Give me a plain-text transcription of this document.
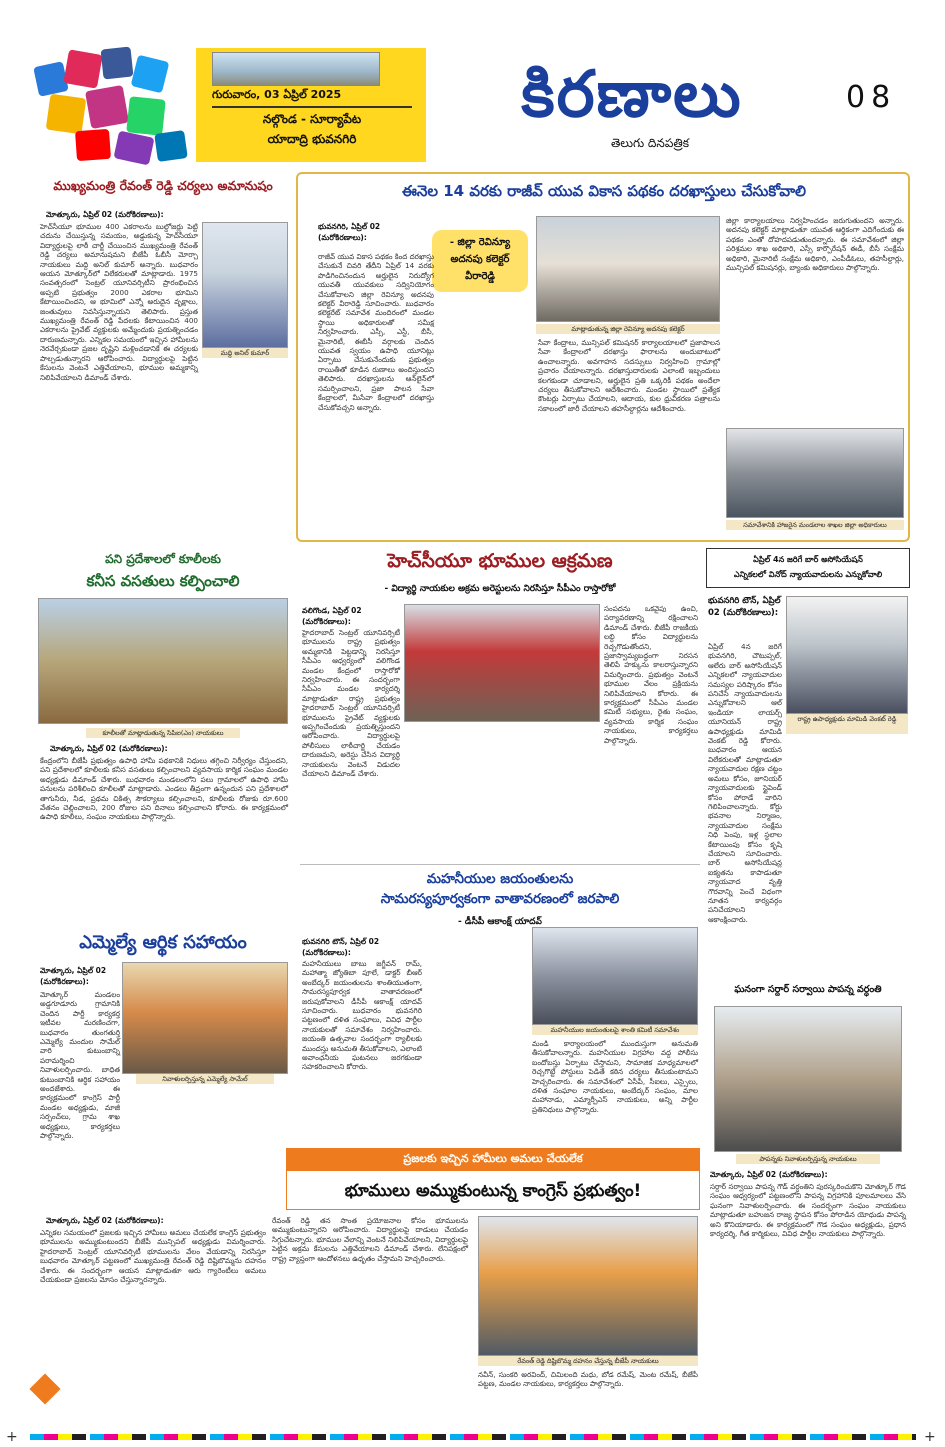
గురువారం, 03 ఏప్రిల్ 2025
నల్గొండ - సూర్యాపేట
యాదాద్రి భువనగిరి
కిరణాలు
తెలుగు దినపత్రిక
08
ముఖ్యమంత్రి రేవంత్ రెడ్డి చర్యలు అమానుషం
మోత్కూరు, ఏప్రిల్ 02 (మరోకిరణాలు):
మద్ది అనిల్ కుమార్
హెచ్‌సీయూ భూముల 400 ఎకరాలను బుల్డోజర్లు పెట్టి చదును చేయిస్తున్న సమయం, అడ్డుకున్న హెచ్‌సీయూ విద్యార్థులపై లాఠీ చార్జీ చేయించిన ముఖ్యమంత్రి రేవంత్ రెడ్డి చర్యలు అమానుషమని బీజేపీ ఓబీసీ మోర్చా నాయకులు మద్ది అనిల్ కుమార్ అన్నారు. బుధవారం ఆయన మోత్కూర్‌లో విలేకరులతో మాట్లాడారు. 1975 సంవత్సరంలో సెంట్రల్ యూనివర్సిటీని ప్రారంభించిన అప్పటి ప్రభుత్వం 2000 ఎకరాల భూమిని కేటాయించిందని, ఆ భూమిలో ఎన్నో అరుదైన వృక్షాలు, జంతువులు నివసిస్తున్నాయని తెలిపారు. ప్రస్తుత ముఖ్యమంత్రి రేవంత్ రెడ్డి పేదలకు కేటాయించిన 400 ఎకరాలను ప్రైవేట్ వ్యక్తులకు అమ్మేందుకు ప్రయత్నించడం దారుణమన్నారు. ఎన్నికల సమయంలో ఇచ్చిన హామీలను నెరవేర్చకుండా ప్రజల దృష్టిని మళ్లించడానికే ఈ చర్యలకు పాల్పడుతున్నారని ఆరోపించారు. విద్యార్థులపై పెట్టిన కేసులను వెంటనే ఎత్తివేయాలని, భూముల అమ్మకాన్ని నిలిపివేయాలని డిమాండ్ చేశారు.
పని ప్రదేశాలలో కూలీలకు
కనీస వసతులు కల్పించాలి
కూలీలతో మాట్లాడుతున్న సిపిఐ(ఎం) నాయకులు
మోత్కూరు, ఏప్రిల్ 02 (మరోకిరణాలు):
కేంద్రంలోని బీజేపీ ప్రభుత్వం ఉపాధి హామీ పథకానికి నిధులు తగ్గించి నిర్వీర్యం చేస్తుందని, పని ప్రదేశాలలో కూలీలకు కనీస వసతులు కల్పించాలని వ్యవసాయ కార్మిక సంఘం మండల అధ్యక్షుడు డిమాండ్ చేశారు. బుధవారం మండలంలోని పలు గ్రామాలలో ఉపాధి హామీ పనులను పరిశీలించి కూలీలతో మాట్లాడారు. ఎండలు తీవ్రంగా ఉన్నందున పని ప్రదేశాలలో తాగునీరు, నీడ, ప్రథమ చికిత్స సౌకర్యాలు కల్పించాలని, కూలీలకు రోజుకు రూ.600 వేతనం చెల్లించాలని, 200 రోజుల పని దినాలు కల్పించాలని కోరారు. ఈ కార్యక్రమంలో ఉపాధి కూలీలు, సంఘం నాయకులు పాల్గొన్నారు.
ఎమ్మెల్యే ఆర్థిక సహాయం
మోత్కూరు, ఏప్రిల్ 02 (మరోకిరణాలు):
నివాళులర్పిస్తున్న ఎమ్మెల్యే సామేల్
మోత్కూర్ మండలం అడ్డగూడూరు గ్రామానికి చెందిన పార్టీ కార్యకర్త ఇటీవల మరణించగా, బుధవారం తుంగతుర్తి ఎమ్మెల్యే మందుల సామేల్ వారి కుటుంబాన్ని పరామర్శించి నివాళులర్పించారు. బాధిత కుటుంబానికి ఆర్థిక సహాయం అందజేశారు. ఈ కార్యక్రమంలో కాంగ్రెస్ పార్టీ మండల అధ్యక్షుడు, మాజీ సర్పంచ్‌లు, గ్రామ శాఖ అధ్యక్షులు, కార్యకర్తలు పాల్గొన్నారు.
ఈనెల 14 వరకు రాజీవ్ యువ వికాస పథకం దరఖాస్తులు చేసుకోవాలి
భువనగిరి, ఏప్రిల్ 02 (మరోకిరణాలు):	- జిల్లా రెవిన్యూ
అదనపు కలెక్టర్
వీరారెడ్డి
మాట్లాడుతున్న జిల్లా రెవిన్యూ అదనపు కలెక్టర్
రాజీవ్ యువ వికాస పథకం కింద దరఖాస్తు చేసుకునే చివరి తేదీని ఏప్రిల్ 14 వరకు పొడిగించినందున అర్హులైన నిరుద్యోగ యువతీ యువకులు సద్వినియోగం చేసుకోవాలని జిల్లా రెవిన్యూ అదనపు కలెక్టర్ వీరారెడ్డి సూచించారు. బుధవారం కలెక్టరేట్ సమావేశ మందిరంలో మండల స్థాయి అధికారులతో సమీక్ష నిర్వహించారు. ఎస్సీ, ఎస్టీ, బీసీ, మైనారిటీ, ఈబీసీ వర్గాలకు చెందిన యువత స్వయం ఉపాధి యూనిట్లు ఏర్పాటు చేసుకునేందుకు ప్రభుత్వం రాయితీతో కూడిన రుణాలు అందిస్తుందని తెలిపారు. దరఖాస్తులను ఆన్‌లైన్‌లో సమర్పించాలని, ప్రజా పాలన సేవా కేంద్రాలలో, మీసేవా కేంద్రాలలో దరఖాస్తు చేసుకోవచ్చని అన్నారు.
సేవా కేంద్రాలు, మున్సిపల్ కమిషనర్ కార్యాలయాలలో ప్రజాపాలన సేవా కేంద్రాలలో దరఖాస్తు ఫారాలను అందుబాటులో ఉంచాలన్నారు. అవగాహన సదస్సులు నిర్వహించి గ్రామాల్లో ప్రచారం చేయాలన్నారు. దరఖాస్తుదారులకు ఎలాంటి ఇబ్బందులు కలగకుండా చూడాలని, అర్హులైన ప్రతి ఒక్కరికీ పథకం అందేలా చర్యలు తీసుకోవాలని ఆదేశించారు. మండల స్థాయిలో ప్రత్యేక కౌంటర్లు ఏర్పాటు చేయాలని, ఆదాయ, కుల ధ్రువీకరణ పత్రాలను సకాలంలో జారీ చేయాలని తహసీల్దార్లను ఆదేశించారు.
జిల్లా కార్యాలయాలు నిర్వహించడం జరుగుతుందని అన్నారు. అదనపు కలెక్టర్ మాట్లాడుతూ యువత ఆర్థికంగా ఎదిగేందుకు ఈ పథకం ఎంతో దోహదపడుతుందన్నారు. ఈ సమావేశంలో జిల్లా పరిశ్రమల శాఖ అధికారి, ఎస్సీ కార్పొరేషన్ ఈడీ, బీసీ సంక్షేమ అధికారి, మైనారిటీ సంక్షేమ అధికారి, ఎంపీడీఓలు, తహసీల్దార్లు, మున్సిపల్ కమిషనర్లు, బ్యాంకు అధికారులు పాల్గొన్నారు.
సమావేశానికి హాజరైన మండలాల శాఖల జిల్లా అధికారులు
హెచ్‌సీయూ భూముల ఆక్రమణ
- విద్యార్థి నాయకుల అక్రమ అరెస్టులను నిరసిస్తూ సీపీఎం రాస్తారోకో
వలిగొండ, ఏప్రిల్ 02 (మరోకిరణాలు):
హైదరాబాద్ సెంట్రల్ యూనివర్సిటీ భూములను రాష్ట్ర ప్రభుత్వం అమ్మకానికి పెట్టడాన్ని నిరసిస్తూ సీపీఎం ఆధ్వర్యంలో వలిగొండ మండల కేంద్రంలో రాస్తారోకో నిర్వహించారు. ఈ సందర్భంగా సీపీఎం మండల కార్యదర్శి మాట్లాడుతూ రాష్ట్ర ప్రభుత్వం హైదరాబాద్ సెంట్రల్ యూనివర్సిటీ భూములను ప్రైవేట్ వ్యక్తులకు అప్పగించేందుకు ప్రయత్నిస్తుందని ఆరోపించారు. విద్యార్థులపై పోలీసులు లాఠీచార్జి చేయడం దారుణమని, అరెస్టు చేసిన విద్యార్థి నాయకులను వెంటనే విడుదల చేయాలని డిమాండ్ చేశారు.
సంపదను ఒకవైపు ఉంచి, పర్యావరణాన్ని రక్షించాలని డిమాండ్ చేశారు. బీజేపీ రాజకీయ లబ్ధి కోసం విద్యార్థులను రెచ్చగొడుతోందని, ప్రజాస్వామ్యబద్ధంగా నిరసన తెలిపే హక్కును కాలరాస్తున్నారని విమర్శించారు. ప్రభుత్వం వెంటనే భూముల వేలం ప్రక్రియను నిలిపివేయాలని కోరారు. ఈ కార్యక్రమంలో సీపీఎం మండల కమిటీ సభ్యులు, రైతు సంఘం, వ్యవసాయ కార్మిక సంఘం నాయకులు, కార్యకర్తలు పాల్గొన్నారు.
మహనీయుల జయంతులను
సామరస్యపూర్వకంగా వాతావరణంలో జరపాలి
- డీసీపీ ఆకాంక్ష్ యాదవ్
భువనగిరి టౌన్, ఏప్రిల్ 02 (మరోకిరణాలు):
మహనీయులు బాబు జగ్జీవన్ రామ్, మహాత్మా జ్యోతిబా పూలే, డాక్టర్ బీఆర్ అంబేద్కర్ జయంతులను శాంతియుతంగా, సామరస్యపూర్వక వాతావరణంలో జరుపుకోవాలని డీసీపీ ఆకాంక్ష్ యాదవ్ సూచించారు. బుధవారం భువనగిరి పట్టణంలో దళిత సంఘాలు, వివిధ పార్టీల నాయకులతో సమావేశం నిర్వహించారు. జయంతి ఉత్సవాల సందర్భంగా ర్యాలీలకు ముందస్తు అనుమతి తీసుకోవాలని, ఎలాంటి అవాంఛనీయ ఘటనలు జరగకుండా సహకరించాలని కోరారు.
మహనీయుల జయంతులపై శాంతి కమిటీ సమావేశం
మండి కార్యాలయంలో ముందుస్తుగా అనుమతి తీసుకోవాలన్నారు. మహనీయుల విగ్రహాల వద్ద పోలీసు బందోబస్తు ఏర్పాటు చేస్తామని, సామాజిక మాధ్యమాలలో రెచ్చగొట్టే పోస్టులు పెడితే కఠిన చర్యలు తీసుకుంటామని హెచ్చరించారు. ఈ సమావేశంలో ఏసీపీ, సీఐలు, ఎస్సైలు, దళిత సంఘాల నాయకులు, అంబేద్కర్ సంఘం, మాల మహానాడు, ఎమ్మార్పీఎస్ నాయకులు, అన్ని పార్టీల ప్రతినిధులు పాల్గొన్నారు.
ఏప్రిల్ 4న జరిగే బార్ అసోసియేషన్
ఎన్నికలలో వినోద్ న్యాయవాదులను ఎన్నుకోవాలి
భువనగిరి టౌన్, ఏప్రిల్ 02 (మరోకిరణాలు):
రాష్ట్ర ఉపాధ్యక్షుడు మామిడి వెంకట్ రెడ్డి
ఏప్రిల్ 4న జరిగే భువనగిరి, చౌటుప్పల్, ఆలేరు బార్ అసోసియేషన్ ఎన్నికలలో న్యాయవాదుల సమస్యల పరిష్కారం కోసం పనిచేసే న్యాయవాదులను ఎన్నుకోవాలని ఆల్ ఇండియా లాయర్స్ యూనియన్ రాష్ట్ర ఉపాధ్యక్షుడు మామిడి వెంకట్ రెడ్డి కోరారు. బుధవారం ఆయన విలేకరులతో మాట్లాడుతూ న్యాయవాదుల రక్షణ చట్టం అమలు కోసం, జూనియర్ న్యాయవాదులకు స్టైపెండ్ కోసం పోరాడే వారిని గెలిపించాలన్నారు. కోర్టు భవనాల నిర్మాణం, న్యాయవాదుల సంక్షేమ నిధి పెంపు, ఇళ్ల స్థలాల కేటాయింపు కోసం కృషి చేయాలని సూచించారు. బార్ అసోసియేషన్ల ఐక్యతను కాపాడుతూ న్యాయవాద వృత్తి గౌరవాన్ని పెంచే విధంగా నూతన కార్యవర్గం పనిచేయాలని ఆకాంక్షించారు.
ఘనంగా సర్దార్ సర్వాయి పాపన్న వర్ధంతి
పాపన్నకు నివాళులర్పిస్తున్న నాయకులు
మోత్కూరు, ఏప్రిల్ 02 (మరోకిరణాలు):
సర్దార్ సర్వాయి పాపన్న గౌడ్ వర్ధంతిని పురస్కరించుకొని మోత్కూర్ గౌడ సంఘం ఆధ్వర్యంలో పట్టణంలోని పాపన్న విగ్రహానికి పూలమాలలు వేసి ఘనంగా నివాళులర్పించారు. ఈ సందర్భంగా సంఘం నాయకులు మాట్లాడుతూ బహుజన రాజ్య స్థాపన కోసం పోరాడిన యోధుడు పాపన్న అని కొనియాడారు. ఈ కార్యక్రమంలో గౌడ సంఘం అధ్యక్షుడు, ప్రధాన కార్యదర్శి, గీత కార్మికులు, వివిధ పార్టీల నాయకులు పాల్గొన్నారు.
ప్రజలకు ఇచ్చిన హామీలు అమలు చేయలేక
భూములు అమ్ముకుంటున్న కాంగ్రెస్ ప్రభుత్వం!
మోత్కూరు, ఏప్రిల్ 02 (మరోకిరణాలు):
ఎన్నికల సమయంలో ప్రజలకు ఇచ్చిన హామీలు అమలు చేయలేక కాంగ్రెస్ ప్రభుత్వం భూములను అమ్ముకుంటుందని బీజేపీ మున్సిపల్ అధ్యక్షుడు విమర్శించారు. హైదరాబాద్ సెంట్రల్ యూనివర్సిటీ భూములను వేలం వేయడాన్ని నిరసిస్తూ బుధవారం మోత్కూర్ పట్టణంలో ముఖ్యమంత్రి రేవంత్ రెడ్డి దిష్టిబొమ్మను దహనం చేశారు. ఈ సందర్భంగా ఆయన మాట్లాడుతూ ఆరు గ్యారెంటీలు అమలు చేయకుండా ప్రజలను మోసం చేస్తున్నారన్నారు.
రేవంత్ రెడ్డి తన సొంత ప్రయోజనాల కోసం భూములను అమ్ముకుంటున్నారని ఆరోపించారు. విద్యార్థులపై దాడులు చేయడం సిగ్గుచేటన్నారు. భూముల వేలాన్ని వెంటనే నిలిపివేయాలని, విద్యార్థులపై పెట్టిన అక్రమ కేసులను ఎత్తివేయాలని డిమాండ్ చేశారు. లేనిపక్షంలో రాష్ట్ర వ్యాప్తంగా ఆందోళనలు ఉధృతం చేస్తామని హెచ్చరించారు.
రేవంత్ రెడ్డి దిష్టిబొమ్మ దహనం చేస్తున్న బీజేపీ నాయకులు
నవీన్, సుంకరి అరవింద్, చిమిలంది మధు, బోడ రమేష్, మెంట రమేష్, బీజేపీ పట్టణ, మండల నాయకులు, కార్యకర్తలు పాల్గొన్నారు.
+	+
